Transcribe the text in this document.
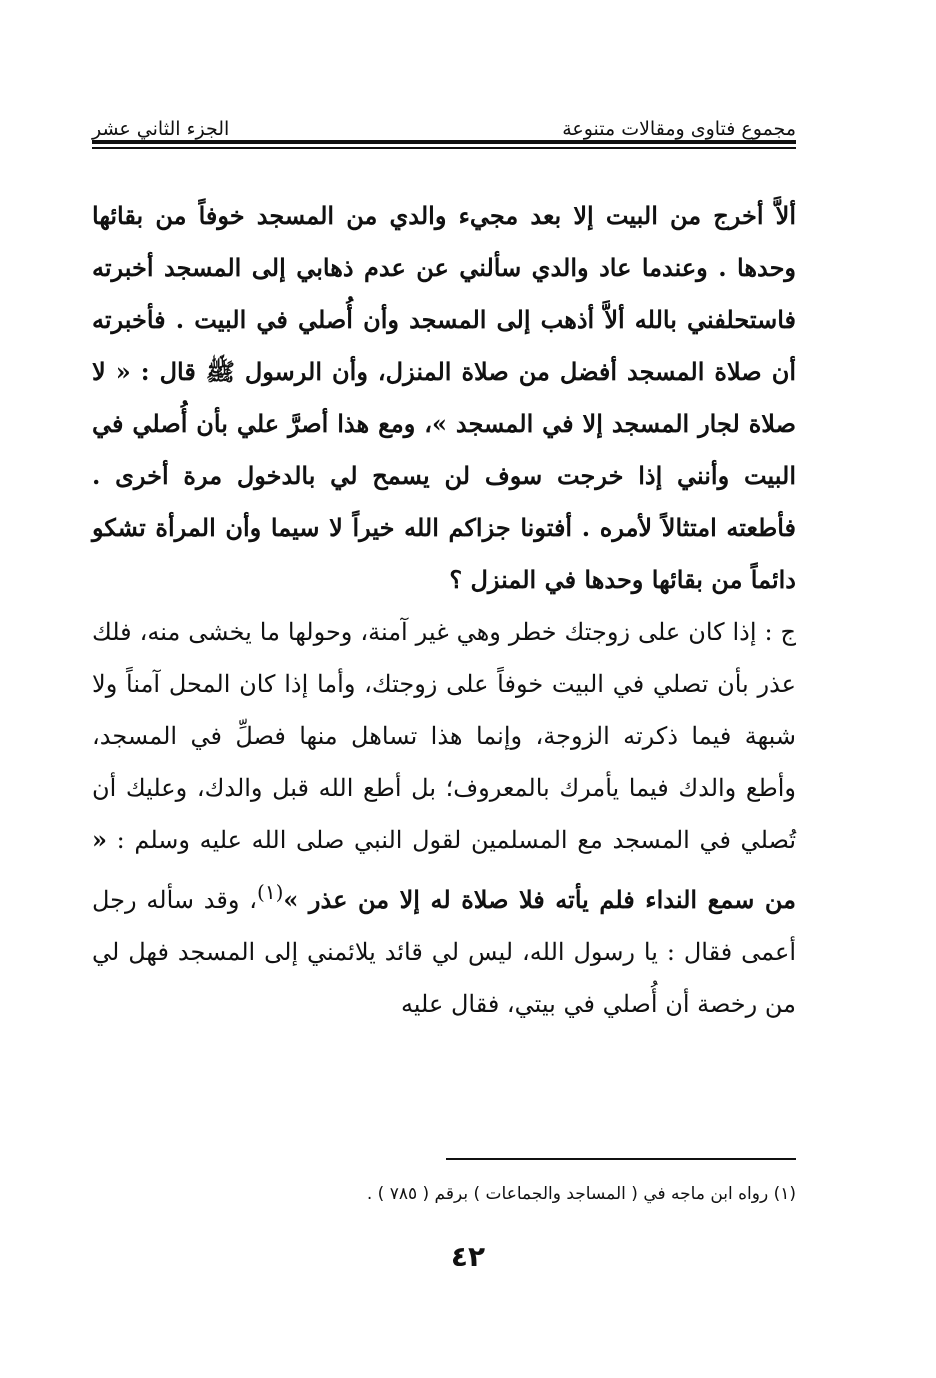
مجموع فتاوى ومقالات متنوعة
الجزء الثاني عشر

ألاَّ أخرج من البيت إلا بعد مجيء والدي من المسجد خوفاً من بقائها وحدها . وعندما عاد والدي سألني عن عدم ذهابي إلى المسجد أخبرته فاستحلفني بالله ألاَّ أذهب إلى المسجد وأن أُصلي في البيت . فأخبرته أن صلاة المسجد أفضل من صلاة المنزل، وأن الرسول ﷺ قال : « لا صلاة لجار المسجد إلا في المسجد »، ومع هذا أصرَّ علي بأن أُصلي في البيت وأنني إذا خرجت سوف لن يسمح لي بالدخول مرة أخرى . فأطعته امتثالاً لأمره . أفتونا جزاكم الله خيراً لا سيما وأن المرأة تشكو دائماً من بقائها وحدها في المنزل ؟

ج : إذا كان على زوجتك خطر وهي غير آمنة، وحولها ما يخشى منه، فلك عذر بأن تصلي في البيت خوفاً على زوجتك، وأما إذا كان المحل آمناً ولا شبهة فيما ذكرته الزوجة، وإنما هذا تساهل منها فصلِّ في المسجد، وأطع والدك فيما يأمرك بالمعروف؛ بل أطع الله قبل والدك، وعليك أن تُصلي في المسجد مع المسلمين لقول النبي صلى الله عليه وسلم : « من سمع النداء فلم يأته فلا صلاة له إلا من عذر »$^{(١)}$، وقد سأله رجل أعمى فقال : يا رسول الله، ليس لي قائد يلائمني إلى المسجد فهل لي من رخصة أن أُصلي في بيتي، فقال عليه

(١) رواه ابن ماجه في ( المساجد والجماعات ) برقم ( ٧٨٥ ) .
٤٢
